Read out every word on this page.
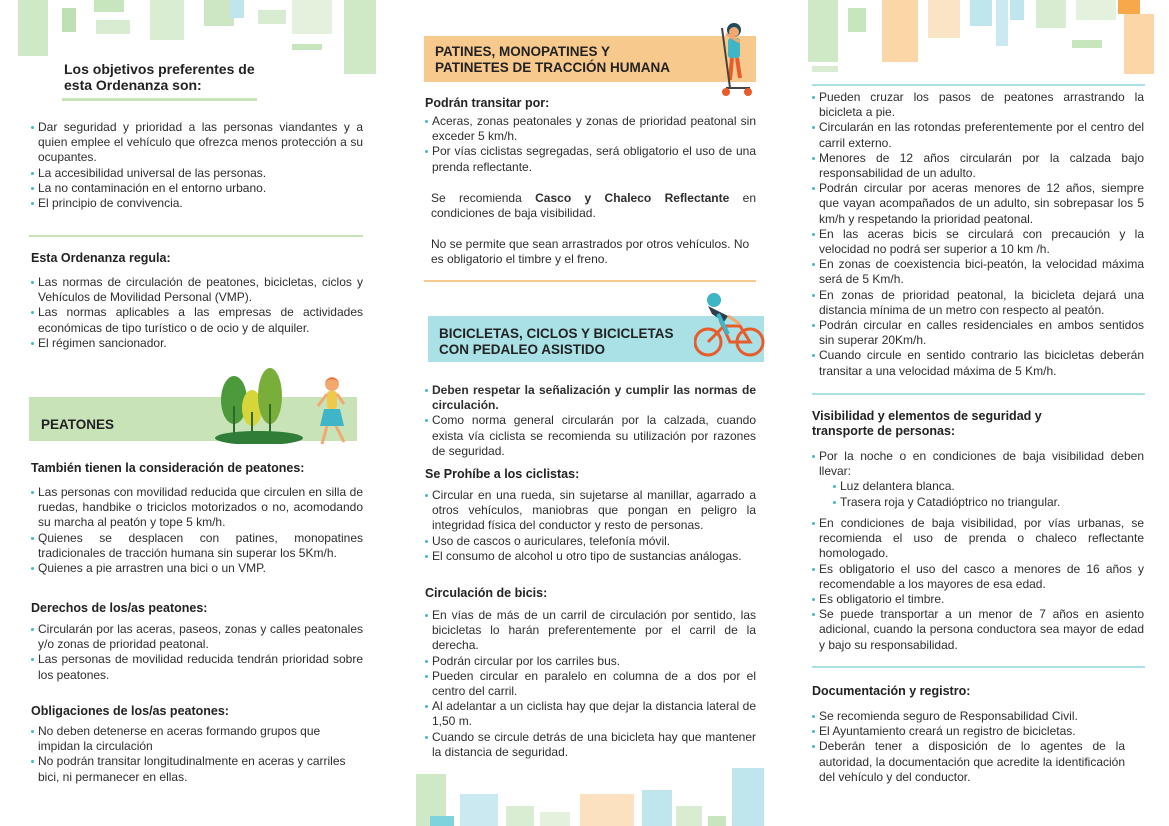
Los objetivos preferentes de esta Ordenanza son:
Dar seguridad y prioridad a las personas viandantes y a quien emplee el vehículo que ofrezca menos protección a su ocupantes.
La accesibilidad universal de las personas.
La no contaminación en el entorno urbano.
El principio de convivencia.
Esta Ordenanza regula:
Las normas de circulación de peatones, bicicletas, ciclos y Vehículos de Movilidad Personal (VMP).
Las normas aplicables a las empresas de actividades económicas de tipo turístico o de ocio y de alquiler.
El régimen sancionador.
PEATONES
También tienen la consideración de peatones:
Las personas con movilidad reducida que circulen en silla de ruedas, handbike o triciclos motorizados o no, acomodando su marcha al peatón y tope 5 km/h.
Quienes se desplacen con patines, monopatines tradicionales de tracción humana sin superar los 5Km/h.
Quienes a pie arrastren una bici o un VMP.
Derechos de los/as peatones:
Circularán por las aceras, paseos, zonas y calles peatonales y/o zonas de prioridad peatonal.
Las personas de movilidad reducida tendrán prioridad sobre los peatones.
Obligaciones de los/as peatones:
No deben detenerse en aceras formando grupos que impidan la circulación
No podrán transitar longitudinalmente en aceras y carriles bici, ni permanecer en ellas.
PATINES, MONOPATINES Y PATINETES DE TRACCIÓN HUMANA
Podrán transitar por:
Aceras, zonas peatonales y zonas de prioridad peatonal sin exceder 5 km/h.
Por vías ciclistas segregadas, será obligatorio el uso de una prenda reflectante.
Se recomienda Casco y Chaleco Reflectante en condiciones de baja visibilidad.
No se permite que sean arrastrados por otros vehículos. No es obligatorio el timbre y el freno.
BICICLETAS, CICLOS Y BICICLETAS CON PEDALEO ASISTIDO
Deben respetar la señalización y cumplir las normas de circulación.
Como norma general circularán por la calzada, cuando exista vía ciclista se recomienda su utilización por razones de seguridad.
Se Prohíbe a los ciclistas:
Circular en una rueda, sin sujetarse al manillar, agarrado a otros vehículos, maniobras que pongan en peligro la integridad física del conductor y resto de personas.
Uso de cascos o auriculares, telefonía móvil.
El consumo de alcohol u otro tipo de sustancias análogas.
Circulación de bicis:
En vías de más de un carril de circulación por sentido, las bicicletas lo harán preferentemente por el carril de la derecha.
Podrán circular por los carriles bus.
Pueden circular en paralelo en columna de a dos por el centro del carril.
Al adelantar a un ciclista hay que dejar la distancia lateral de 1,50 m.
Cuando se circule detrás de una bicicleta hay que mantener la distancia de seguridad.
Pueden cruzar los pasos de peatones arrastrando la bicicleta a pie.
Circularán en las rotondas preferentemente por el centro del carril externo.
Menores de 12 años circularán por la calzada bajo responsabilidad de un adulto.
Podrán circular por aceras menores de 12 años, siempre que vayan acompañados de un adulto, sin sobrepasar los 5 km/h y respetando la prioridad peatonal.
En las aceras bicis se circulará con precaución y la velocidad no podrá ser superior a 10 km /h.
En zonas de coexistencia bici-peatón, la velocidad máxima será de 5 Km/h.
En zonas de prioridad peatonal, la bicicleta dejará una distancia mínima de un metro con respecto al peatón.
Podrán circular en calles residenciales en ambos sentidos sin superar 20Km/h.
Cuando circule en sentido contrario las bicicletas deberán transitar a una velocidad máxima de 5 Km/h.
Visibilidad y elementos de seguridad y transporte de personas:
Por la noche o en condiciones de baja visibilidad deben llevar:
Luz delantera blanca.
Trasera roja y Catadióptrico no triangular.
En condiciones de baja visibilidad, por vías urbanas, se recomienda el uso de prenda o chaleco reflectante homologado.
Es obligatorio el uso del casco a menores de 16 años y recomendable a los mayores de esa edad.
Es obligatorio el timbre.
Se puede transportar a un menor de 7 años en asiento adicional, cuando la persona conductora sea mayor de edad y bajo su responsabilidad.
Documentación y registro:
Se recomienda seguro de Responsabilidad Civil.
El Ayuntamiento creará un registro de bicicletas.
Deberán tener a disposición de lo agentes de la autoridad, la documentación que acredite la identificación del vehículo y del conductor.
